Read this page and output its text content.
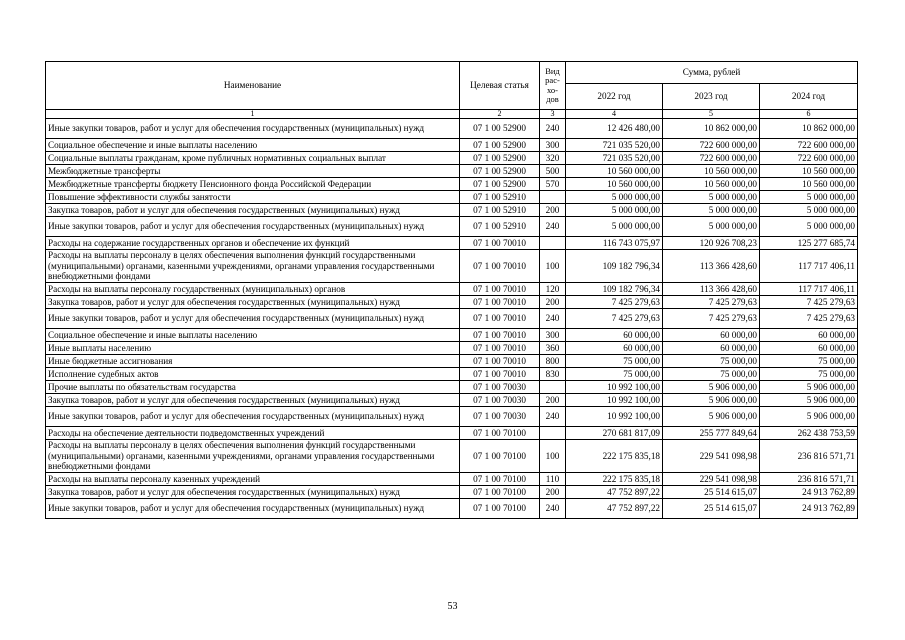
Наименование	Целевая статья	Вид рас- хо- дов	Сумма, рублей		
			2022 год	2023 год	2024 год
1	2	3	4	5	6
Иные закупки товаров, работ и услуг для обеспечения государственных (муниципальных) нужд	07 1 00 52900	240	12 426 480,00	10 862 000,00	10 862 000,00
Социальное обеспечение и иные выплаты населению	07 1 00 52900	300	721 035 520,00	722 600 000,00	722 600 000,00
Социальные выплаты гражданам, кроме публичных нормативных социальных выплат	07 1 00 52900	320	721 035 520,00	722 600 000,00	722 600 000,00
Межбюджетные трансферты	07 1 00 52900	500	10 560 000,00	10 560 000,00	10 560 000,00
Межбюджетные трансферты бюджету Пенсионного фонда Российской Федерации	07 1 00 52900	570	10 560 000,00	10 560 000,00	10 560 000,00
Повышение эффективности службы занятости	07 1 00 52910		5 000 000,00	5 000 000,00	5 000 000,00
Закупка товаров, работ и услуг для обеспечения государственных (муниципальных) нужд	07 1 00 52910	200	5 000 000,00	5 000 000,00	5 000 000,00
Иные закупки товаров, работ и услуг для обеспечения государственных (муниципальных) нужд	07 1 00 52910	240	5 000 000,00	5 000 000,00	5 000 000,00
Расходы на содержание государственных органов и обеспечение их функций	07 1 00 70010		116 743 075,97	120 926 708,23	125 277 685,74
Расходы на выплаты персоналу в целях обеспечения выполнения функций государственными (муниципальными) органами, казенными учреждениями, органами управления государственными внебюджетными фондами	07 1 00 70010	100	109 182 796,34	113 366 428,60	117 717 406,11
Расходы на выплаты персоналу государственных (муниципальных) органов	07 1 00 70010	120	109 182 796,34	113 366 428,60	117 717 406,11
Закупка товаров, работ и услуг для обеспечения государственных (муниципальных) нужд	07 1 00 70010	200	7 425 279,63	7 425 279,63	7 425 279,63
Иные закупки товаров, работ и услуг для обеспечения государственных (муниципальных) нужд	07 1 00 70010	240	7 425 279,63	7 425 279,63	7 425 279,63
Социальное обеспечение и иные выплаты населению	07 1 00 70010	300	60 000,00	60 000,00	60 000,00
Иные выплаты населению	07 1 00 70010	360	60 000,00	60 000,00	60 000,00
Иные бюджетные ассигнования	07 1 00 70010	800	75 000,00	75 000,00	75 000,00
Исполнение судебных актов	07 1 00 70010	830	75 000,00	75 000,00	75 000,00
Прочие выплаты по обязательствам государства	07 1 00 70030		10 992 100,00	5 906 000,00	5 906 000,00
Закупка товаров, работ и услуг для обеспечения государственных (муниципальных) нужд	07 1 00 70030	200	10 992 100,00	5 906 000,00	5 906 000,00
Иные закупки товаров, работ и услуг для обеспечения государственных (муниципальных) нужд	07 1 00 70030	240	10 992 100,00	5 906 000,00	5 906 000,00
Расходы на обеспечение деятельности подведомственных учреждений	07 1 00 70100		270 681 817,09	255 777 849,64	262 438 753,59
Расходы на выплаты персоналу в целях обеспечения выполнения функций государственными (муниципальными) органами, казенными учреждениями, органами управления государственными внебюджетными фондами	07 1 00 70100	100	222 175 835,18	229 541 098,98	236 816 571,71
Расходы на выплаты персоналу казенных учреждений	07 1 00 70100	110	222 175 835,18	229 541 098,98	236 816 571,71
Закупка товаров, работ и услуг для обеспечения государственных (муниципальных) нужд	07 1 00 70100	200	47 752 897,22	25 514 615,07	24 913 762,89
Иные закупки товаров, работ и услуг для обеспечения государственных (муниципальных) нужд	07 1 00 70100	240	47 752 897,22	25 514 615,07	24 913 762,89
53
